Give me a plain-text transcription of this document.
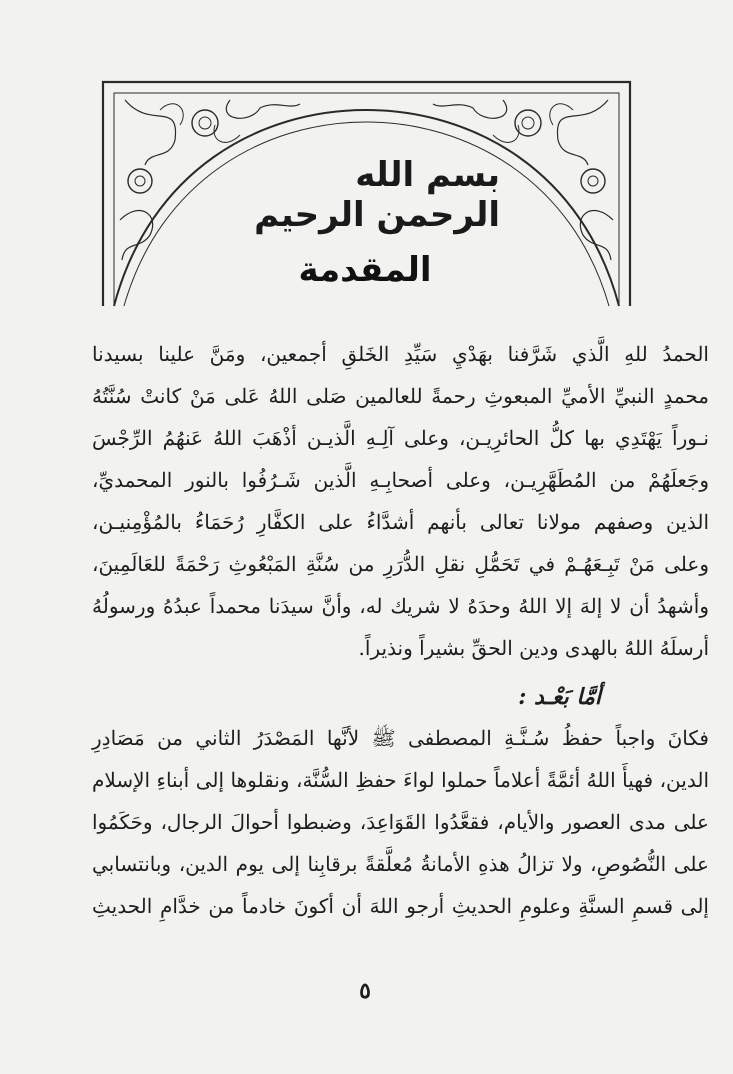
بسم الله الرحمن الرحيم
المقدمة
الحمدُ للهِ الَّذي شَرَّفنا بهَدْيِ سَيِّدِ الخَلقِ أجمعين، ومَنَّ علينا بسيدنا
محمدٍ النبيِّ الأميِّ المبعوثِ رحمةً للعالمين صَلى اللهُ عَلى مَنْ كانتْ سُنَّتُهُ
نـوراً يَهْتَدِي بها كلُّ الحائرِيـن، وعلى آلِـهِ الَّذيـن أذْهَبَ اللهُ عَنهُمُ الرِّجْسَ
وجَعلَهُمْ من المُطَهَّرِيـن، وعلى أصحابِـهِ الَّذين شَـرُفُوا بالنور المحمديِّ،
الذين وصفهم مولانا تعالى بأنهم أشدَّاءُ على الكفَّارِ رُحَمَاءُ بالمُؤْمِنيـن،
وعلى مَنْ تَبِـعَهُـمْ في تَحَمُّلِ نقلِ الدُّرَرِ من سُنَّةِ المَبْعُوثِ رَحْمَةً للعَالَمِينَ،
وأشهدُ أن لا إلهَ إلا اللهُ وحدَهُ لا شريك له، وأنَّ سيدَنا محمداً عبدُهُ ورسولُهُ
أرسلَهُ اللهُ بالهدى ودين الحقِّ بشيراً ونذيراً.
أمَّا بَعْـد :
فكانَ واجباً حفظُ سُـنَّـةِ المصطفى ﷺ لأنَّها المَصْدَرُ الثاني من مَصَادِرِ
الدين، فهيأَ اللهُ أئمَّةً أعلاماً حملوا لواءَ حفظِ السُّنَّة، ونقلوها إلى أبناءِ الإسلام
على مدى العصور والأيام، فقعَّدُوا القَوَاعِدَ، وضبطوا أحوالَ الرجال، وحَكَمُوا
على النُّصُوصِ، ولا تزالُ هذهِ الأمانةُ مُعلَّقةً برقابِنا إلى يوم الدين، وبانتسابي
إلى قسمِ السنَّةِ وعلومِ الحديثِ أرجو اللهَ أن أكونَ خادماً من خدَّامِ الحديثِ
٥
